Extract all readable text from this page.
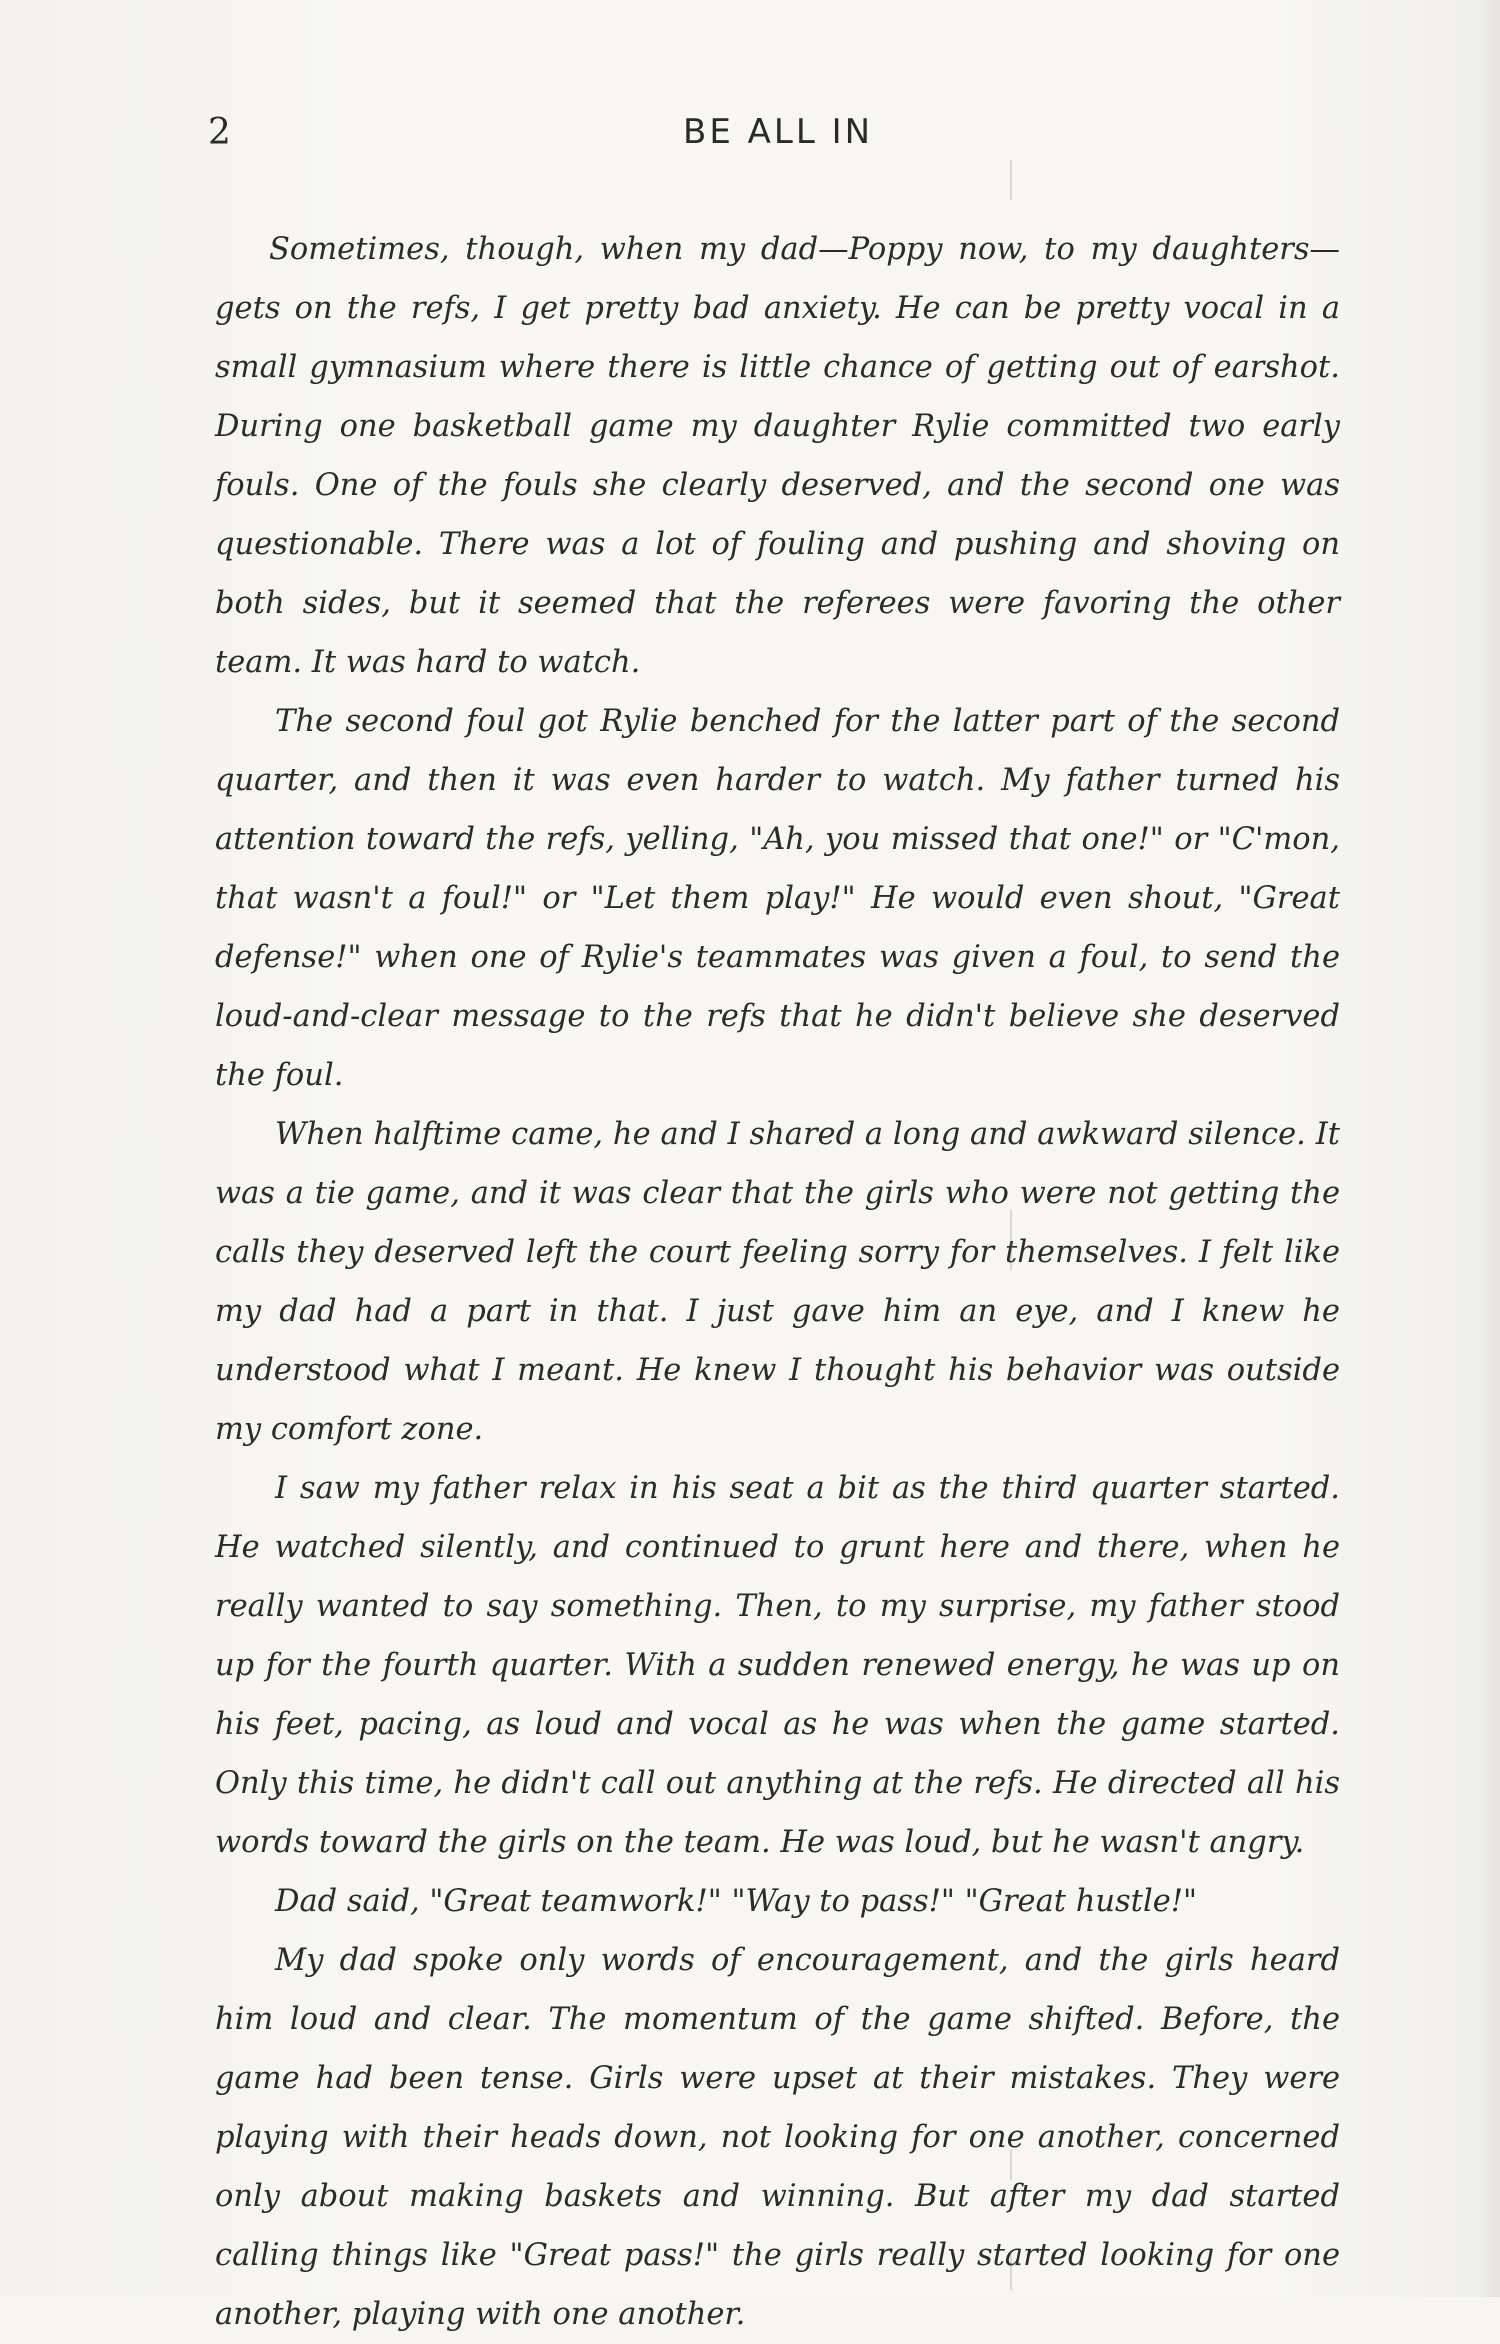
2	BE ALL IN

Sometimes, though, when my dad—Poppy now, to my daughters—gets on the refs, I get pretty bad anxiety. He can be pretty vocal in a small gymnasium where there is little chance of getting out of earshot. During one basketball game my daughter Rylie committed two early fouls. One of the fouls she clearly deserved, and the second one was questionable. There was a lot of fouling and pushing and shoving on both sides, but it seemed that the referees were favoring the other team. It was hard to watch.

The second foul got Rylie benched for the latter part of the second quarter, and then it was even harder to watch. My father turned his attention toward the refs, yelling, "Ah, you missed that one!" or "C'mon, that wasn't a foul!" or "Let them play!" He would even shout, "Great defense!" when one of Rylie's teammates was given a foul, to send the loud-and-clear message to the refs that he didn't believe she deserved the foul.

When halftime came, he and I shared a long and awkward silence. It was a tie game, and it was clear that the girls who were not getting the calls they deserved left the court feeling sorry for themselves. I felt like my dad had a part in that. I just gave him an eye, and I knew he understood what I meant. He knew I thought his behavior was outside my comfort zone.

I saw my father relax in his seat a bit as the third quarter started. He watched silently, and continued to grunt here and there, when he really wanted to say something. Then, to my surprise, my father stood up for the fourth quarter. With a sudden renewed energy, he was up on his feet, pacing, as loud and vocal as he was when the game started. Only this time, he didn't call out anything at the refs. He directed all his words toward the girls on the team. He was loud, but he wasn't angry.

Dad said, "Great teamwork!" "Way to pass!" "Great hustle!"

My dad spoke only words of encouragement, and the girls heard him loud and clear. The momentum of the game shifted. Before, the game had been tense. Girls were upset at their mistakes. They were playing with their heads down, not looking for one another, concerned only about making baskets and winning. But after my dad started calling things like "Great pass!" the girls really started looking for one another, playing with one another.
